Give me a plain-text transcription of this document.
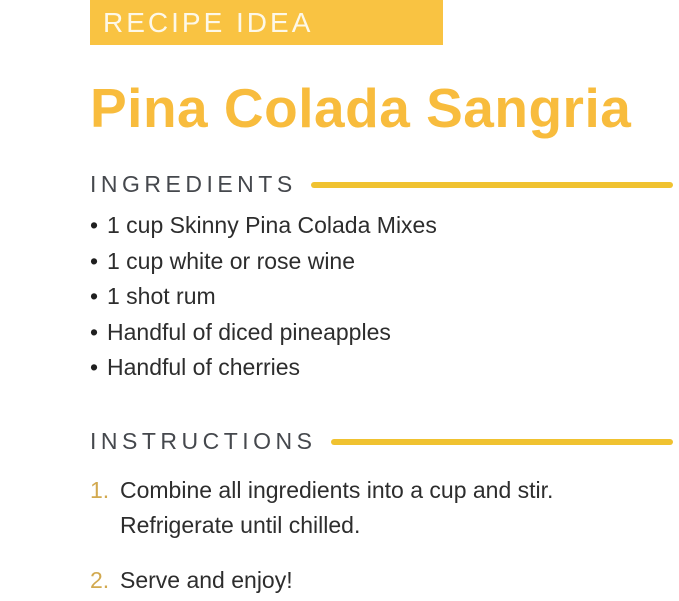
RECIPE IDEA
Pina Colada Sangria
INGREDIENTS
• 1 cup Skinny Pina Colada Mixes
• 1 cup white or rose wine
• 1 shot rum
• Handful of diced pineapples
• Handful of cherries
INSTRUCTIONS
1. Combine all ingredients into a cup and stir.
Refrigerate until chilled.
2. Serve and enjoy!
